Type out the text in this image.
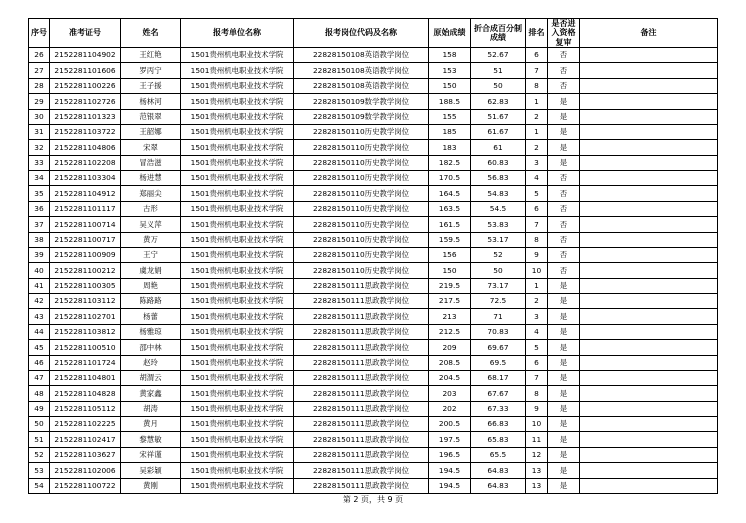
序号	准考证号	姓名	报考单位名称	报考岗位代码及名称	原始成绩	折合成百分制成绩	排名	是否进入资格复审	备注
26	2152281104902	王红艳	1501贵州机电职业技术学院	22828150108英语教学岗位	158	52.67	6	否	
27	2152281101606	罗丙宁	1501贵州机电职业技术学院	22828150108英语教学岗位	153	51	7	否	
28	2152281100226	王子援	1501贵州机电职业技术学院	22828150108英语教学岗位	150	50	8	否	
29	2152281102726	杨林河	1501贵州机电职业技术学院	22828150109数学教学岗位	188.5	62.83	1	是	
30	2152281101323	范银翠	1501贵州机电职业技术学院	22828150109数学教学岗位	155	51.67	2	是	
31	2152281103722	王韶娜	1501贵州机电职业技术学院	22828150110历史教学岗位	185	61.67	1	是	
32	2152281104806	宋翠	1501贵州机电职业技术学院	22828150110历史教学岗位	183	61	2	是	
33	2152281102208	冒浩滋	1501贵州机电职业技术学院	22828150110历史教学岗位	182.5	60.83	3	是	
34	2152281103304	杨进慧	1501贵州机电职业技术学院	22828150110历史教学岗位	170.5	56.83	4	否	
35	2152281104912	郑丽尖	1501贵州机电职业技术学院	22828150110历史教学岗位	164.5	54.83	5	否	
36	2152281101117	古形	1501贵州机电职业技术学院	22828150110历史教学岗位	163.5	54.5	6	否	
37	2152281100714	吴义萍	1501贵州机电职业技术学院	22828150110历史教学岗位	161.5	53.83	7	否	
38	2152281100717	黄万	1501贵州机电职业技术学院	22828150110历史教学岗位	159.5	53.17	8	否	
39	2152281100909	王宁	1501贵州机电职业技术学院	22828150110历史教学岗位	156	52	9	否	
40	2152281100212	虞龙娟	1501贵州机电职业技术学院	22828150110历史教学岗位	150	50	10	否	
41	2152281100305	周艳	1501贵州机电职业技术学院	22828150111思政教学岗位	219.5	73.17	1	是	
42	2152281103112	陈路路	1501贵州机电职业技术学院	22828150111思政教学岗位	217.5	72.5	2	是	
43	2152281102701	杨蕾	1501贵州机电职业技术学院	22828150111思政教学岗位	213	71	3	是	
44	2152281103812	杨雅琼	1501贵州机电职业技术学院	22828150111思政教学岗位	212.5	70.83	4	是	
45	2152281100510	邵中林	1501贵州机电职业技术学院	22828150111思政教学岗位	209	69.67	5	是	
46	2152281101724	赵玲	1501贵州机电职业技术学院	22828150111思政教学岗位	208.5	69.5	6	是	
47	2152281104801	胡渭云	1501贵州机电职业技术学院	22828150111思政教学岗位	204.5	68.17	7	是	
48	2152281104828	黄家鑫	1501贵州机电职业技术学院	22828150111思政教学岗位	203	67.67	8	是	
49	2152281105112	胡涛	1501贵州机电职业技术学院	22828150111思政教学岗位	202	67.33	9	是	
50	2152281102225	黄月	1501贵州机电职业技术学院	22828150111思政教学岗位	200.5	66.83	10	是	
51	2152281102417	黎慧敏	1501贵州机电职业技术学院	22828150111思政教学岗位	197.5	65.83	11	是	
52	2152281103627	宋祥谨	1501贵州机电职业技术学院	22828150111思政教学岗位	196.5	65.5	12	是	
53	2152281102006	吴彩颖	1501贵州机电职业技术学院	22828150111思政教学岗位	194.5	64.83	13	是	
54	2152281100722	黄刚	1501贵州机电职业技术学院	22828150111思政教学岗位	194.5	64.83	13	是	
第 2 页，共 9 页
